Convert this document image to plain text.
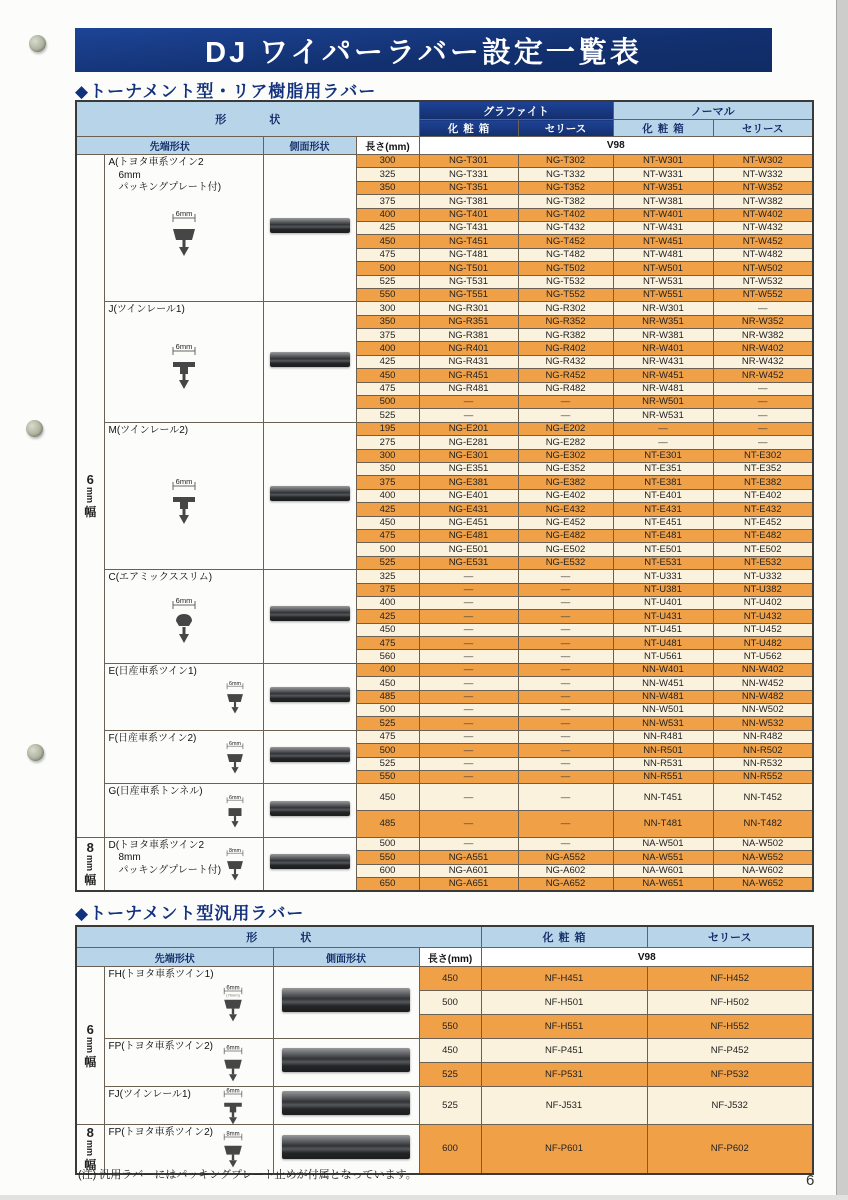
DJ ワイパーラバー設定一覧表
◆トーナメント型・リア樹脂用ラバー
形　状				グラファイト		ノーマル	
				化粧箱	セリース	化粧箱	セリース
先端形状		側面形状	長さ(mm)	V98			

6
mm
幅	A(トヨタ車系ツイン2
6mm
パッキングプレート付)
6mm		300	NG-T301	NG-T302	NT-W301	NT-W302
			325	NG-T331	NG-T332	NT-W331	NT-W332
			350	NG-T351	NG-T352	NT-W351	NT-W352
			375	NG-T381	NG-T382	NT-W381	NT-W382
			400	NG-T401	NG-T402	NT-W401	NT-W402
			425	NG-T431	NG-T432	NT-W431	NT-W432
			450	NG-T451	NG-T452	NT-W451	NT-W452
			475	NG-T481	NG-T482	NT-W481	NT-W482
			500	NG-T501	NG-T502	NT-W501	NT-W502
			525	NG-T531	NG-T532	NT-W531	NT-W532
			550	NG-T551	NG-T552	NT-W551	NT-W552

	J(ツインレール1)
6mm		300	NG-R301	NG-R302	NR-W301	—
			350	NG-R351	NG-R352	NR-W351	NR-W352
			375	NG-R381	NG-R382	NR-W381	NR-W382
			400	NG-R401	NG-R402	NR-W401	NR-W402
			425	NG-R431	NG-R432	NR-W431	NR-W432
			450	NG-R451	NG-R452	NR-W451	NR-W452
			475	NG-R481	NG-R482	NR-W481	—
			500	—	—	NR-W501	—
			525	—	—	NR-W531	—

	M(ツインレール2)
6mm		195	NG-E201	NG-E202	—	—
			275	NG-E281	NG-E282	—	—
			300	NG-E301	NG-E302	NT-E301	NT-E302
			350	NG-E351	NG-E352	NT-E351	NT-E352
			375	NG-E381	NG-E382	NT-E381	NT-E382
			400	NG-E401	NG-E402	NT-E401	NT-E402
			425	NG-E431	NG-E432	NT-E431	NT-E432
			450	NG-E451	NG-E452	NT-E451	NT-E452
			475	NG-E481	NG-E482	NT-E481	NT-E482
			500	NG-E501	NG-E502	NT-E501	NT-E502
			525	NG-E531	NG-E532	NT-E531	NT-E532

	C(エアミックススリム)
6mm		325	—	—	NT-U331	NT-U332
			375	—	—	NT-U381	NT-U382
			400	—	—	NT-U401	NT-U402
			425	—	—	NT-U431	NT-U432
			450	—	—	NT-U451	NT-U452
			475	—	—	NT-U481	NT-U482
			560	—	—	NT-U561	NT-U562

	E(日産車系ツイン1)
6mm		400	—	—	NN-W401	NN-W402
			450	—	—	NN-W451	NN-W452
			485	—	—	NN-W481	NN-W482
			500	—	—	NN-W501	NN-W502
			525	—	—	NN-W531	NN-W532

	F(日産車系ツイン2)
6mm		475	—	—	NN-R481	NN-R482
			500	—	—	NN-R501	NN-R502
			525	—	—	NN-R531	NN-R532
			550	—	—	NN-R551	NN-R552

	G(日産車系トンネル)
6mm		450	—	—	NN-T451	NN-T452
			485	—	—	NN-T481	NN-T482

8
mm
幅	D(トヨタ車系ツイン2
8mm
パッキングプレート付)
8mm		500	—	—	NA-W501	NA-W502
			550	NG-A551	NG-A552	NA-W551	NA-W552
			600	NG-A601	NG-A602	NA-W601	NA-W602
			650	NG-A651	NG-A652	NA-W651	NA-W652
◆トーナメント型汎用ラバー
形　状				化粧箱	セリース
先端形状		側面形状	長さ(mm)	V98	

6
mm
幅	FH(トヨタ車系ツイン1)
6mm
(76mm)		450	NF-H451	NF-H452
			500	NF-H501	NF-H502
			550	NF-H551	NF-H552

	FP(トヨタ車系ツイン2) 6mm		450	NF-P451	NF-P452
			525	NF-P531	NF-P532

	FJ(ツインレール1) 6mm		525	NF-J531	NF-J532

8
mm
幅	FP(トヨタ車系ツイン2) 8mm		600	NF-P601	NF-P602
(注) 汎用ラバーにはパッキングプレート止めが付属となっています。	6
